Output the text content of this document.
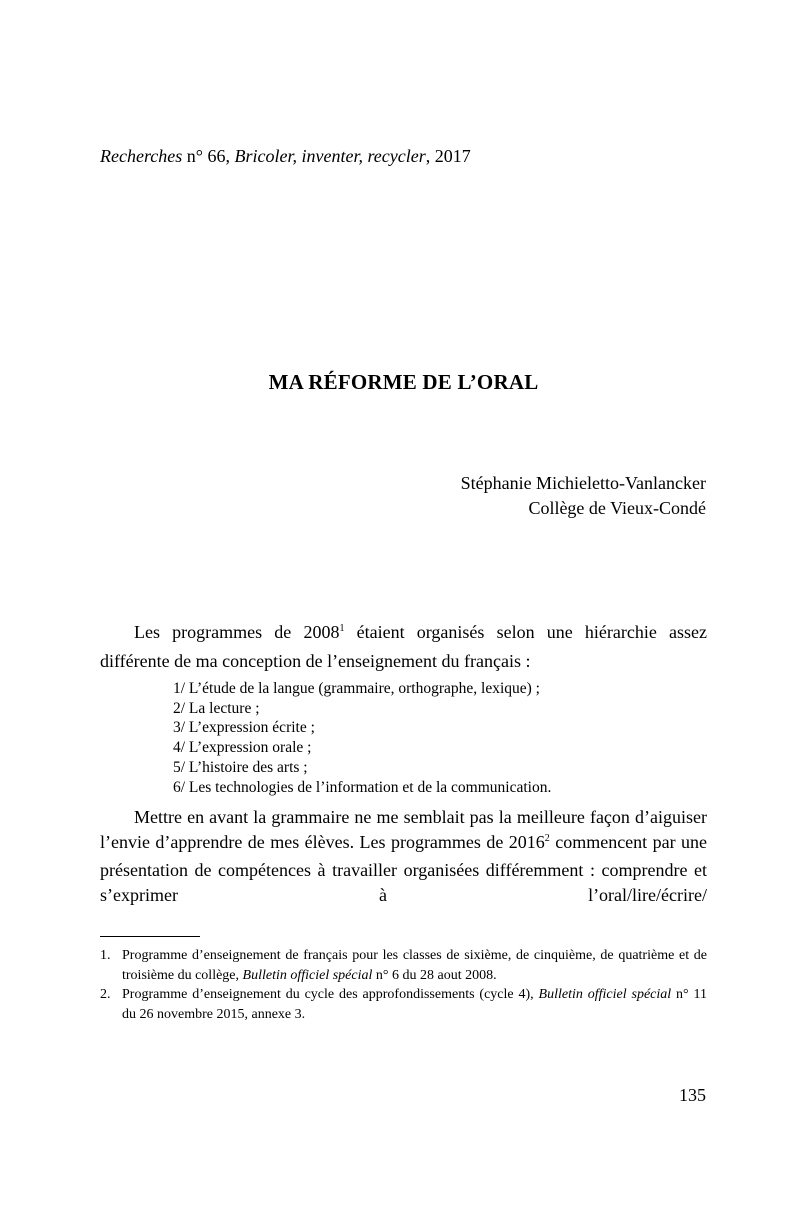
Recherches n° 66, Bricoler, inventer, recycler, 2017
MA RÉFORME DE L’ORAL
Stéphanie Michieletto-Vanlancker
Collège de Vieux-Condé

Les programmes de 2008$^1$ étaient organisés selon une hiérarchie assez différente de ma conception de l’enseignement du français :

1/ L’étude de la langue (grammaire, orthographe, lexique) ;
2/ La lecture ;
3/ L’expression écrite ;
4/ L’expression orale ;
5/ L’histoire des arts ;
6/ Les technologies de l’information et de la communication.

Mettre en avant la grammaire ne me semblait pas la meilleure façon d’aiguiser l’envie d’apprendre de mes élèves. Les programmes de 2016$^2$ commencent par une présentation de compétences à travailler organisées différemment : comprendre et s’exprimer à l’oral/lire/écrire/

1. Programme d’enseignement de français pour les classes de sixième, de cinquième, de quatrième et de troisième du collège, Bulletin officiel spécial n° 6 du 28 aout 2008.
2. Programme d’enseignement du cycle des approfondissements (cycle 4), Bulletin officiel spécial n° 11 du 26 novembre 2015, annexe 3.
135
